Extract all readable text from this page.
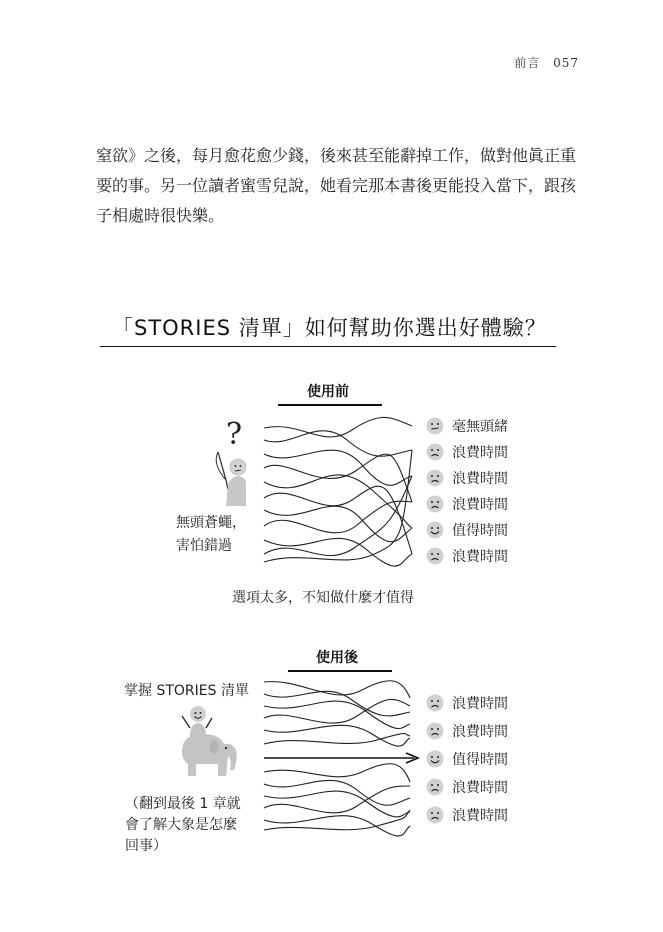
前言 057

窒欲》之後，每月愈花愈少錢，後來甚至能辭掉工作，做對他眞正重

要的事。另一位讀者蜜雪兒說，她看完那本書後更能投入當下，跟孩

子相處時很快樂。

「STORIES 清單」如何幫助你選出好體驗？
使用前
?
無頭蒼蠅，
害怕錯過
毫無頭緒
浪費時間
浪費時間
浪費時間
值得時間
浪費時間
選項太多，不知做什麼才值得
使用後
掌握 STORIES 清單
（翻到最後 1 章就
會了解大象是怎麼
回事）
浪費時間
浪費時間
值得時間
浪費時間
浪費時間
